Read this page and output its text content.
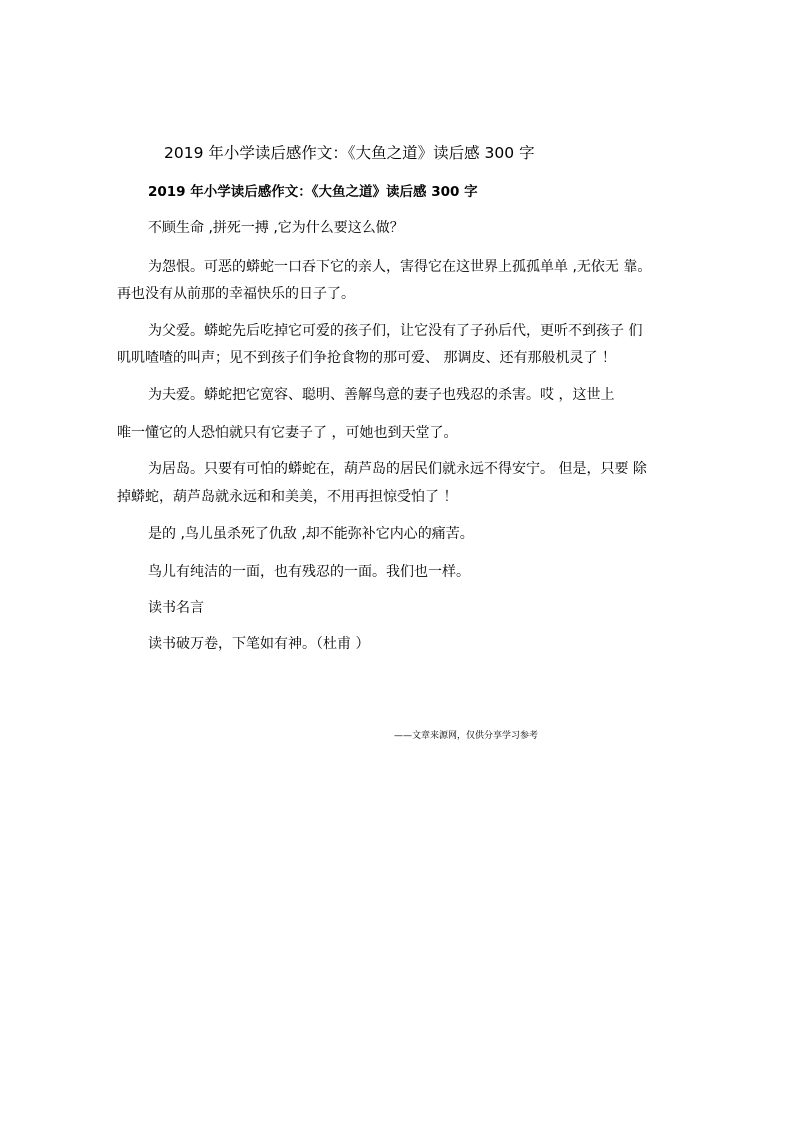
2019 年小学读后感作文：《大鱼之道》读后感 300 字
2019 年小学读后感作文：《大鱼之道》读后感 300 字
不顾生命 ,拼死一搏 ,它为什么要这么做？
为怨恨。可恶的蟒蛇一口吞下它的亲人，害得它在这世界上孤孤单单 ,无依无 靠。
再也没有从前那的幸福快乐的日子了。
为父爱。蟒蛇先后吃掉它可爱的孩子们，让它没有了子孙后代，更听不到孩子 们
叽叽喳喳的叫声；见不到孩子们争抢食物的那可爱、 那调皮、还有那般机灵了 ！
为夫爱。蟒蛇把它宽容、聪明、善解鸟意的妻子也残忍的杀害。哎 ，这世上
唯一懂它的人恐怕就只有它妻子了 ，可她也到天堂了。
为居岛。只要有可怕的蟒蛇在，葫芦岛的居民们就永远不得安宁。 但是，只要 除
掉蟒蛇，葫芦岛就永远和和美美，不用再担惊受怕了 ！
是的 ,鸟儿虽杀死了仇敌 ,却不能弥补它内心的痛苦。
鸟儿有纯洁的一面，也有残忍的一面。我们也一样。
读书名言
读书破万卷，下笔如有神。（杜甫 ）
——文章来源网，仅供分享学习参考
